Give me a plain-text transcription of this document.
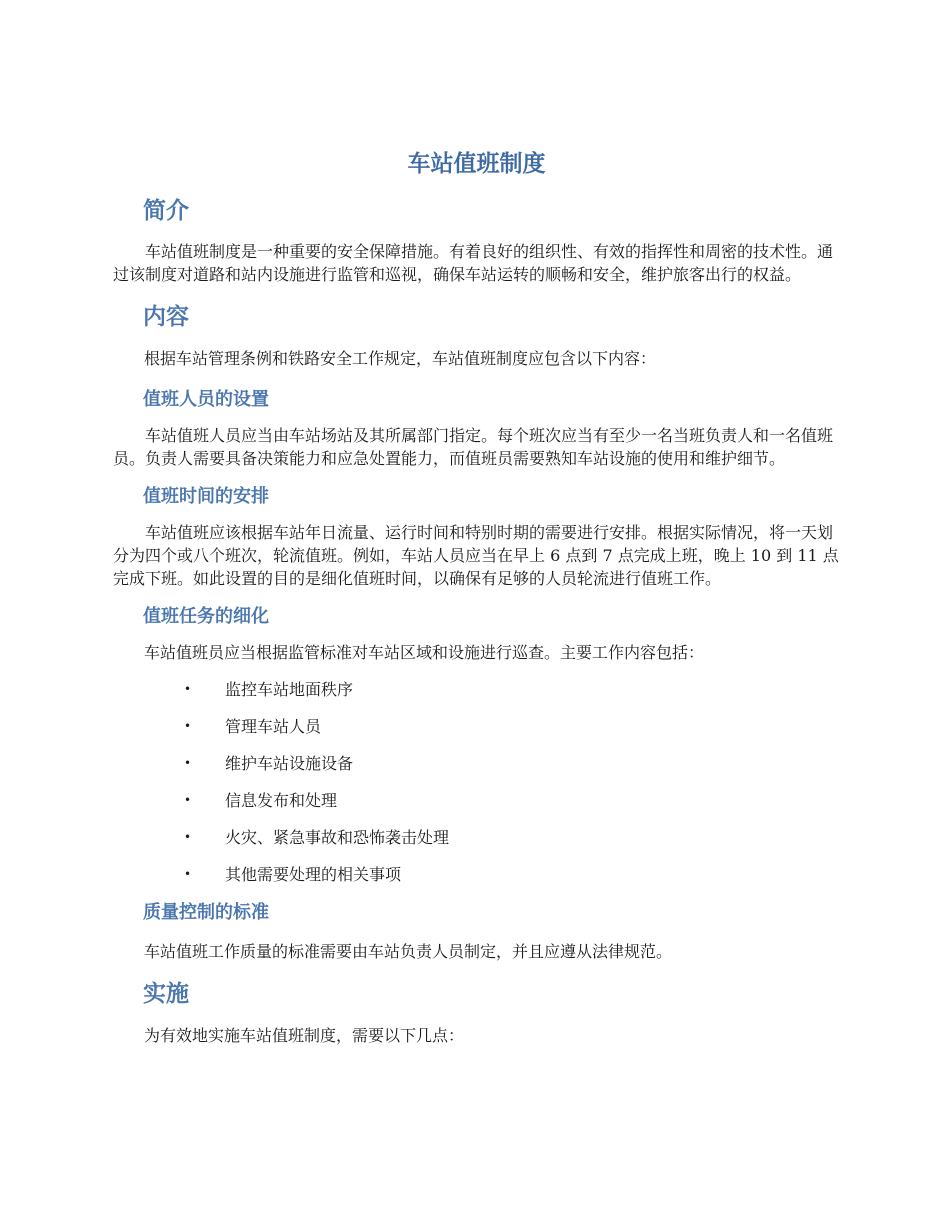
车站值班制度
简介

车站值班制度是一种重要的安全保障措施。有着良好的组织性、有效的指挥性和周密的技术性。通过该制度对道路和站内设施进行监管和巡视，确保车站运转的顺畅和安全，维护旅客出行的权益。

内容

根据车站管理条例和铁路安全工作规定，车站值班制度应包含以下内容：

值班人员的设置

车站值班人员应当由车站场站及其所属部门指定。每个班次应当有至少一名当班负责人和一名值班员。负责人需要具备决策能力和应急处置能力，而值班员需要熟知车站设施的使用和维护细节。

值班时间的安排

车站值班应该根据车站年日流量、运行时间和特别时期的需要进行安排。根据实际情况，将一天划分为四个或八个班次，轮流值班。例如，车站人员应当在早上 6 点到 7 点完成上班，晚上 10 到 11 点完成下班。如此设置的目的是细化值班时间，以确保有足够的人员轮流进行值班工作。

值班任务的细化

车站值班员应当根据监管标准对车站区域和设施进行巡查。主要工作内容包括：

• 监控车站地面秩序
• 管理车站人员
• 维护车站设施设备
• 信息发布和处理
• 火灾、紧急事故和恐怖袭击处理
• 其他需要处理的相关事项
质量控制的标准

车站值班工作质量的标准需要由车站负责人员制定，并且应遵从法律规范。

实施

为有效地实施车站值班制度，需要以下几点：
